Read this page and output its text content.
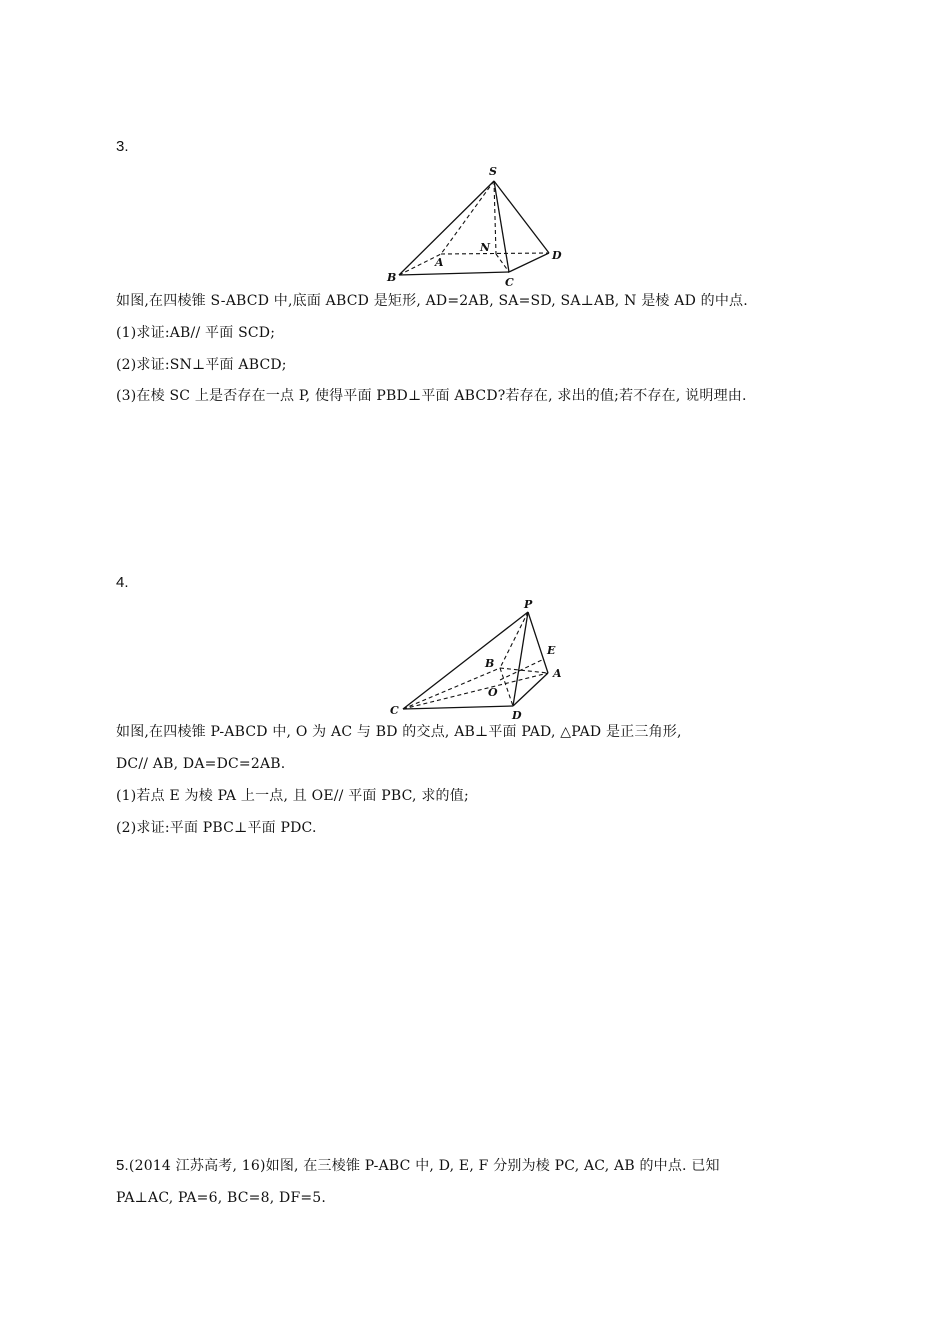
3.
S
A
N
D
B	C
如图,在四棱锥 S-ABCD 中,底面 ABCD 是矩形, AD=2AB, SA=SD, SA⊥AB, N 是棱 AD 的中点.
(1)求证:AB// 平面 SCD;
(2)求证:SN⊥平面 ABCD;
(3)在棱 SC 上是否存在一点 P, 使得平面 PBD⊥平面 ABCD?若存在, 求出的值;若不存在, 说明理由.
4.
P
E
B
A
O
C	D
如图,在四棱锥 P-ABCD 中, O 为 AC 与 BD 的交点, AB⊥平面 PAD, △PAD 是正三角形,
DC// AB, DA=DC=2AB.
(1)若点 E 为棱 PA 上一点, 且 OE// 平面 PBC, 求的值;
(2)求证:平面 PBC⊥平面 PDC.
5.(2014 江苏高考, 16)如图, 在三棱锥 P-ABC 中, D, E, F 分别为棱 PC, AC, AB 的中点. 已知
PA⊥AC, PA=6, BC=8, DF=5.
